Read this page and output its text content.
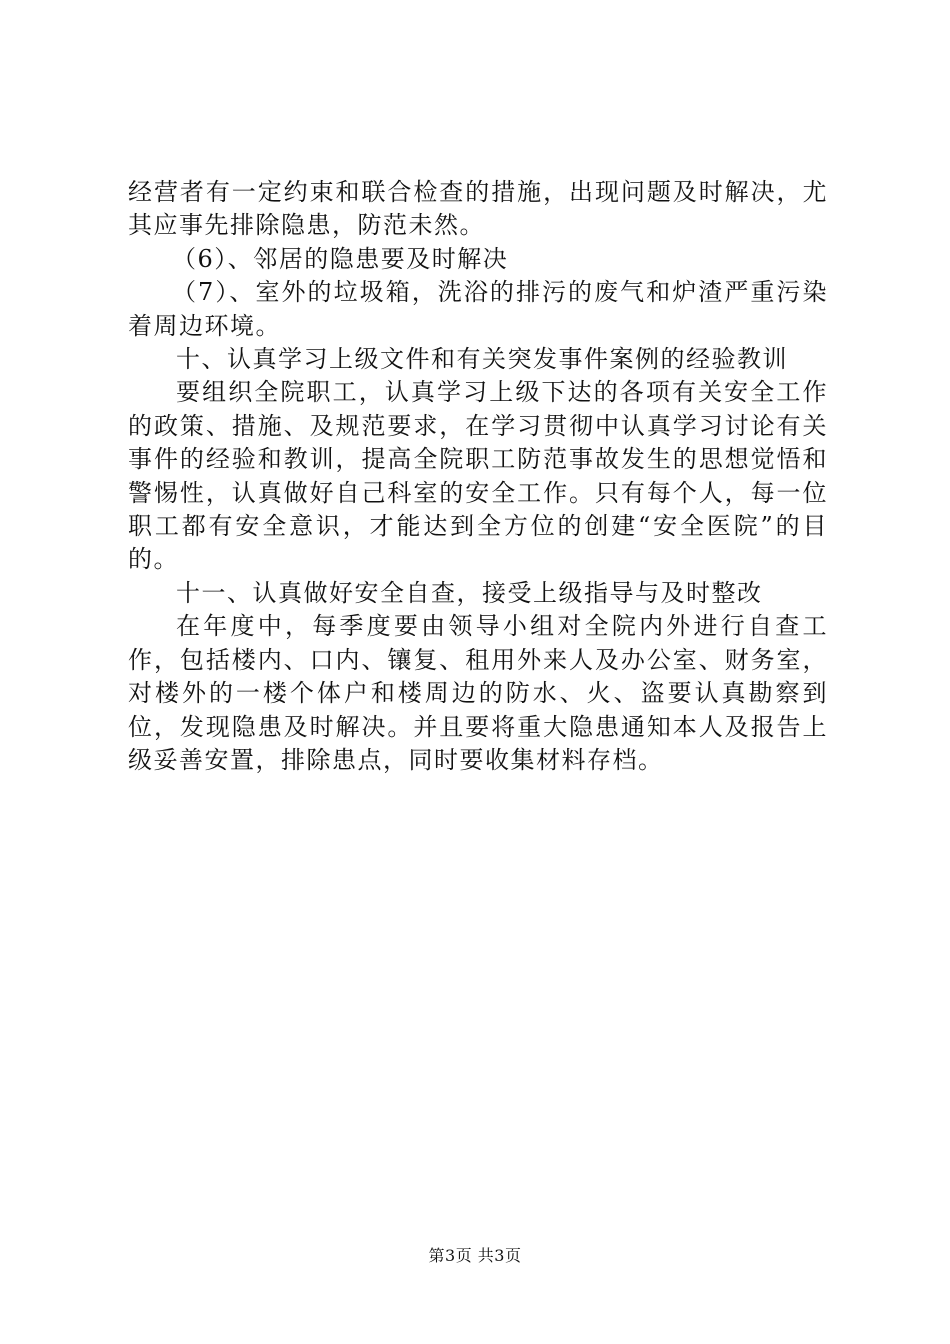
经营者有一定约束和联合检查的措施，出现问题及时解决，尤其应事先排除隐患，防范未然。

（6）、邻居的隐患要及时解决

（7）、室外的垃圾箱，洗浴的排污的废气和炉渣严重污染着周边环境。

十、认真学习上级文件和有关突发事件案例的经验教训

要组织全院职工，认真学习上级下达的各项有关安全工作的政策、措施、及规范要求，在学习贯彻中认真学习讨论有关事件的经验和教训，提高全院职工防范事故发生的思想觉悟和警惕性，认真做好自己科室的安全工作。只有每个人，每一位职工都有安全意识，才能达到全方位的创建“安全医院”的目的。

十一、认真做好安全自查，接受上级指导与及时整改

在年度中，每季度要由领导小组对全院内外进行自查工作，包括楼内、口内、镶复、租用外来人及办公室、财务室，对楼外的一楼个体户和楼周边的防水、火、盗要认真勘察到位，发现隐患及时解决。并且要将重大隐患通知本人及报告上级妥善安置，排除患点，同时要收集材料存档。

第3页 共3页
